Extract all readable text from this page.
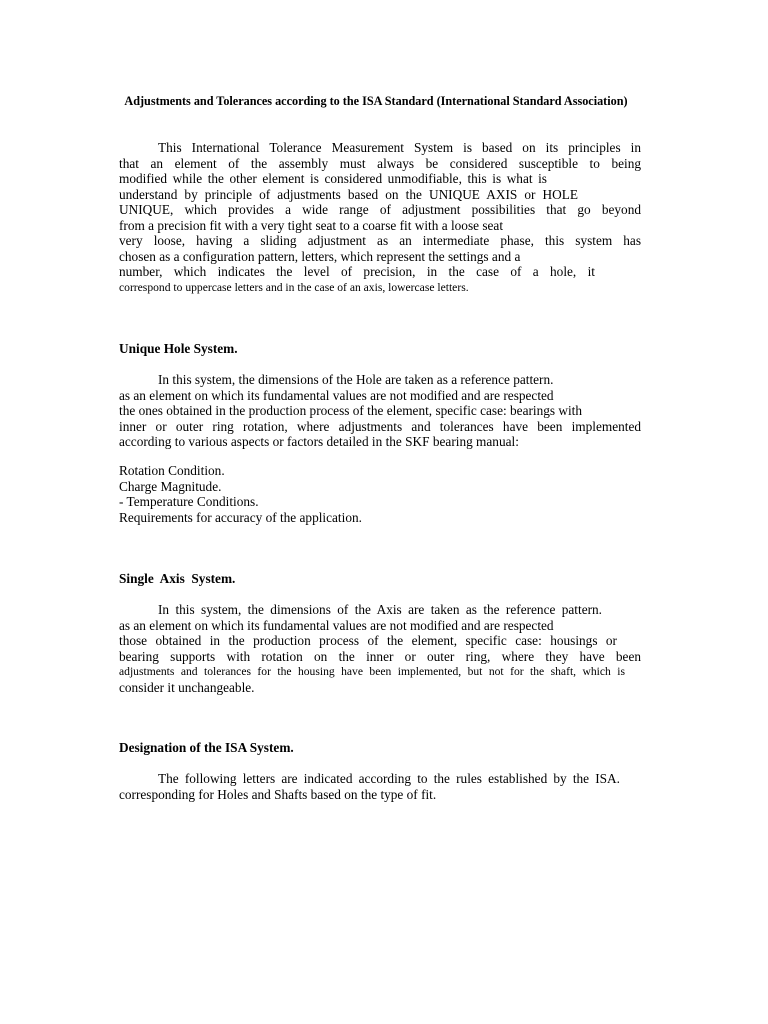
Adjustments and Tolerances according to the ISA Standard (International Standard Association)
This International Tolerance Measurement System is based on its principles in
that an element of the assembly must always be considered susceptible to being
modified while the other element is considered unmodifiable, this is what is
understand by principle of adjustments based on the UNIQUE AXIS or HOLE
UNIQUE, which provides a wide range of adjustment possibilities that go beyond
from a precision fit with a very tight seat to a coarse fit with a loose seat
very loose, having a sliding adjustment as an intermediate phase, this system has
chosen as a configuration pattern, letters, which represent the settings and a
number, which indicates the level of precision, in the case of a hole, it
correspond to uppercase letters and in the case of an axis, lowercase letters.
Unique Hole System.
In this system, the dimensions of the Hole are taken as a reference pattern.
as an element on which its fundamental values are not modified and are respected
the ones obtained in the production process of the element, specific case: bearings with
inner or outer ring rotation, where adjustments and tolerances have been implemented
according to various aspects or factors detailed in the SKF bearing manual:
Rotation Condition.
Charge Magnitude.
- Temperature Conditions.
Requirements for accuracy of the application.
Single  Axis  System.
In this system, the dimensions of the Axis are taken as the reference pattern.
as an element on which its fundamental values are not modified and are respected
those obtained in the production process of the element, specific case: housings or
bearing supports with rotation on the inner or outer ring, where they have been
adjustments and tolerances for the housing have been implemented, but not for the shaft, which is
consider it unchangeable.
Designation of the ISA System.
The following letters are indicated according to the rules established by the ISA.
corresponding for Holes and Shafts based on the type of fit.
